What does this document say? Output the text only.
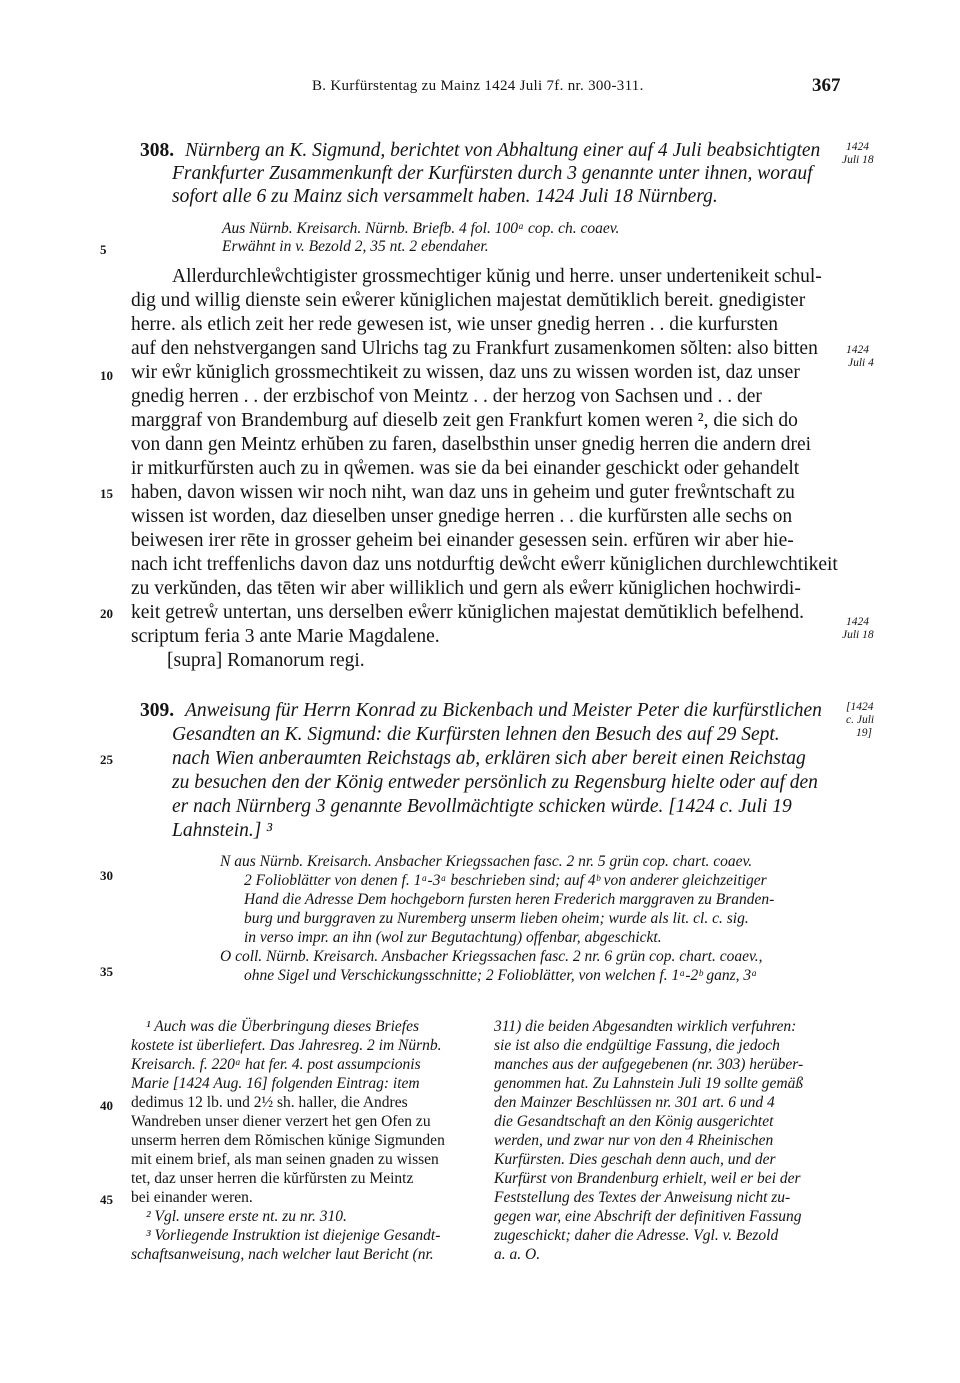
B. Kurfürstentag zu Mainz 1424 Juli 7f. nr. 300-311.	367
308. Nürnberg an K. Sigmund, berichtet von Abhaltung einer auf 4 Juli beabsichtigten
Frankfurter Zusammenkunft der Kurfürsten durch 3 genannte unter ihnen, worauf
sofort alle 6 zu Mainz sich versammelt haben. 1424 Juli 18 Nürnberg.
Aus Nürnb. Kreisarch. Nürnb. Briefb. 4 fol. 100ᵃ cop. ch. coaev.
Erwähnt in v. Bezold 2, 35 nt. 2 ebendaher.
Allerdurchleẘchtigister grossmechtiger kŭnig und herre. unser undertenikeit schul-
dig und willig dienste sein eẘerer kŭniglichen majestat demŭtiklich bereit. gnedigister
herre. als etlich zeit her rede gewesen ist, wie unser gnedig herren . . die kurfursten
auf den nehstvergangen sand Ulrichs tag zu Frankfurt zusamenkomen sŏlten: also bitten
wir eẘr kŭniglich grossmechtikeit zu wissen, daz uns zu wissen worden ist, daz unser
gnedig herren . . der erzbischof von Meintz . . der herzog von Sachsen und . . der
marggraf von Brandemburg auf dieselb zeit gen Frankfurt komen weren ², die sich do
von dann gen Meintz erhŭben zu faren, daselbsthin unser gnedig herren die andern drei
ir mitkurfŭrsten auch zu in qẘemen. was sie da bei einander geschickt oder gehandelt
haben, davon wissen wir noch niht, wan daz uns in geheim und guter freẘntschaft zu
wissen ist worden, daz dieselben unser gnedige herren . . die kurfŭrsten alle sechs on
beiwesen irer rēte in grosser geheim bei einander gesessen sein. erfŭren wir aber hie-
nach icht treffenlichs davon daz uns notdurftig deẘcht eẘerr kŭniglichen durchlewchtikeit
zu verkŭnden, das tēten wir aber williklich und gern als eẘerr kŭniglichen hochwirdi-
keit getreẘ untertan, uns derselben eẘerr kŭniglichen majestat demŭtiklich befelhend.
scriptum feria 3 ante Marie Magdalene.
[supra] Romanorum regi.
309. Anweisung für Herrn Konrad zu Bickenbach und Meister Peter die kurfürstlichen
Gesandten an K. Sigmund: die Kurfürsten lehnen den Besuch des auf 29 Sept.
nach Wien anberaumten Reichstags ab, erklären sich aber bereit einen Reichstag
zu besuchen den der König entweder persönlich zu Regensburg hielte oder auf den
er nach Nürnberg 3 genannte Bevollmächtigte schicken würde. [1424 c. Juli 19
Lahnstein.] ³
N aus Nürnb. Kreisarch. Ansbacher Kriegssachen fasc. 2 nr. 5 grün cop. chart. coaev.
2 Folioblätter von denen f. 1ᵃ-3ᵃ beschrieben sind; auf 4ᵇ von anderer gleichzeitiger
Hand die Adresse Dem hochgeborn fursten heren Frederich marggraven zu Branden-
burg und burggraven zu Nuremberg unserm lieben oheim; wurde als lit. cl. c. sig.
in verso impr. an ihn (wol zur Begutachtung) offenbar, abgeschickt.
O coll. Nürnb. Kreisarch. Ansbacher Kriegssachen fasc. 2 nr. 6 grün cop. chart. coaev.,
ohne Sigel und Verschickungsschnitte; 2 Folioblätter, von welchen f. 1ᵃ-2ᵇ ganz, 3ᵃ
¹ Auch was die Überbringung dieses Briefes
kostete ist überliefert. Das Jahresreg. 2 im Nürnb.
Kreisarch. f. 220ᵃ hat fer. 4. post assumpcionis
Marie [1424 Aug. 16] folgenden Eintrag: item
dedimus 12 lb. und 2½ sh. haller, die Andres
Wandreben unser diener verzert het gen Ofen zu
unserm herren dem Rŏmischen kŭnige Sigmunden
mit einem brief, als man seinen gnaden zu wissen
tet, daz unser herren die kŭrfŭrsten zu Meintz
bei einander weren.
² Vgl. unsere erste nt. zu nr. 310.
³ Vorliegende Instruktion ist diejenige Gesandt-
schaftsanweisung, nach welcher laut Bericht (nr.
311) die beiden Abgesandten wirklich verfuhren:
sie ist also die endgültige Fassung, die jedoch
manches aus der aufgegebenen (nr. 303) herüber-
genommen hat. Zu Lahnstein Juli 19 sollte gemäß
den Mainzer Beschlüssen nr. 301 art. 6 und 4
die Gesandtschaft an den König ausgerichtet
werden, und zwar nur von den 4 Rheinischen
Kurfürsten. Dies geschah denn auch, und der
Kurfürst von Brandenburg erhielt, weil er bei der
Feststellung des Textes der Anweisung nicht zu-
gegen war, eine Abschrift der definitiven Fassung
zugeschickt; daher die Adresse. Vgl. v. Bezold
a. a. O.
5
10
15
20
25
30
35
40
45
1424
Juli 18
1424
Juli 4
1424
Juli 18
[1424
c. Juli
19]
